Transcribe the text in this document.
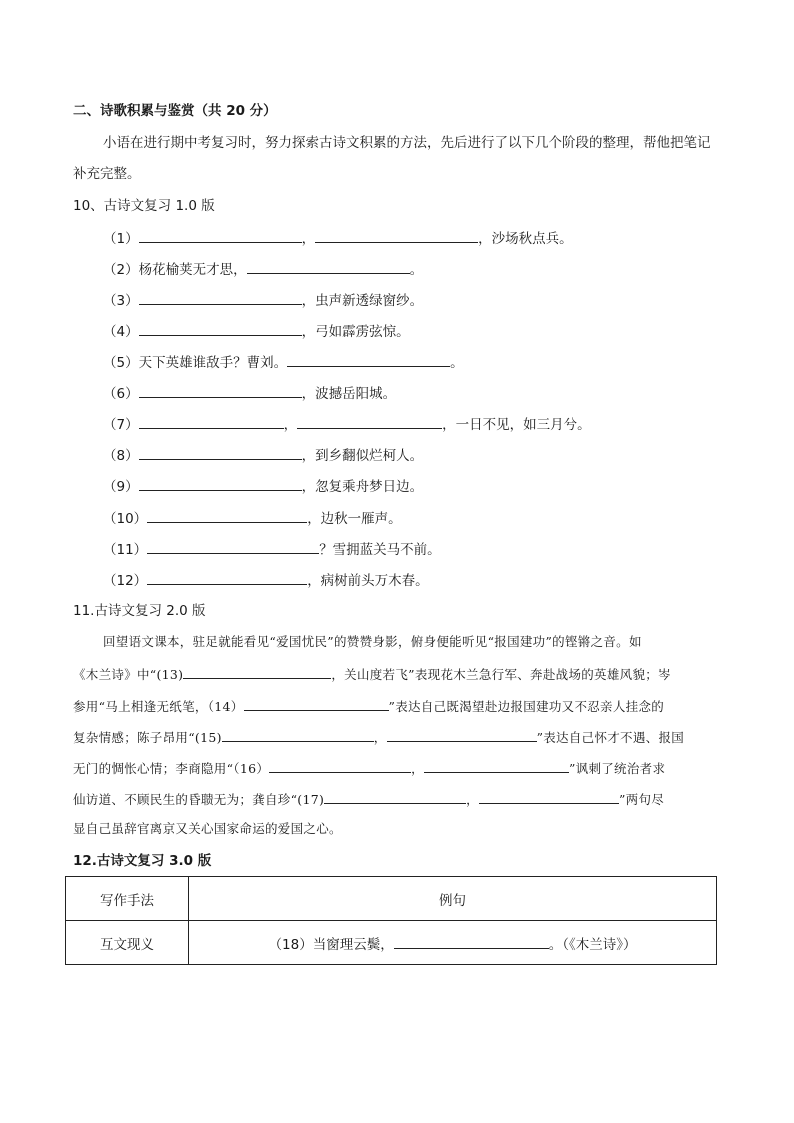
二、诗歌积累与鉴赏（共 20 分）
小语在进行期中考复习时，努力探索古诗文积累的方法，先后进行了以下几个阶段的整理，帮他把笔记
补充完整。
10、古诗文复习 1.0 版
（1）	，	，沙场秋点兵。
（2）杨花榆荚无才思，	。
（3）	，虫声新透绿窗纱。
（4）	，弓如霹雳弦惊。
（5）天下英雄谁敌手？曹刘。	。
（6）	，波撼岳阳城。
（7）	，	，一日不见，如三月兮。
（8）	，到乡翻似烂柯人。
（9）	，忽复乘舟梦日边。
（10）	，边秋一雁声。
（11）	？雪拥蓝关马不前。
（12）	，病树前头万木春。
11.古诗文复习 2.0 版
回望语文课本，驻足就能看见“爱国忧民”的赞赞身影，俯身便能听见“报国建功”的铿锵之音。如
《木兰诗》中“(13)	，关山度若飞”表现花木兰急行军、奔赴战场的英雄风貌；岑
参用“马上相逢无纸笔，（14）	”表达自己既渴望赴边报国建功又不忍亲人挂念的
复杂情感；陈子昂用“(15)	，	”表达自己怀才不遇、报国
无门的惆怅心情；李商隐用“（16）	，	”讽刺了统治者求
仙访道、不顾民生的昏聩无为；龚自珍“(17)	，	”两句尽
显自己虽辞官离京又关心国家命运的爱国之心。
12.古诗文复习 3.0 版
写作手法	例句
互文现义	（18）当窗理云鬓， 。（《木兰诗》）
